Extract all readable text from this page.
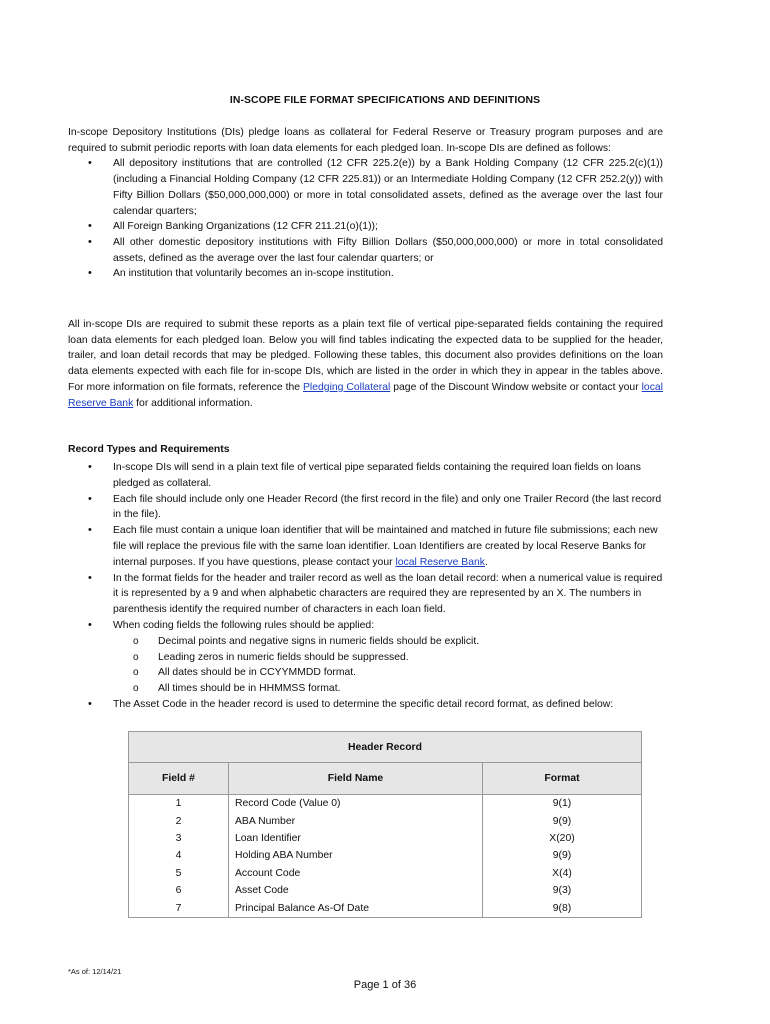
IN-SCOPE FILE FORMAT SPECIFICATIONS AND DEFINITIONS
In-scope Depository Institutions (DIs) pledge loans as collateral for Federal Reserve or Treasury program purposes and are required to submit periodic reports with loan data elements for each pledged loan. In-scope DIs are defined as follows:
• All depository institutions that are controlled (12 CFR 225.2(e)) by a Bank Holding Company (12 CFR 225.2(c)(1)) (including a Financial Holding Company (12 CFR 225.81)) or an Intermediate Holding Company (12 CFR 252.2(y)) with Fifty Billion Dollars ($50,000,000,000) or more in total consolidated assets, defined as the average over the last four calendar quarters;
• All Foreign Banking Organizations (12 CFR 211.21(o)(1));
• All other domestic depository institutions with Fifty Billion Dollars ($50,000,000,000) or more in total consolidated assets, defined as the average over the last four calendar quarters; or
• An institution that voluntarily becomes an in-scope institution.
All in-scope DIs are required to submit these reports as a plain text file of vertical pipe-separated fields containing the required loan data elements for each pledged loan. Below you will find tables indicating the expected data to be supplied for the header, trailer, and loan detail records that may be pledged. Following these tables, this document also provides definitions on the loan data elements expected with each file for in-scope DIs, which are listed in the order in which they in appear in the tables above. For more information on file formats, reference the Pledging Collateral page of the Discount Window website or contact your local Reserve Bank for additional information.
Record Types and Requirements
• In-scope DIs will send in a plain text file of vertical pipe separated fields containing the required loan fields on loans pledged as collateral.
• Each file should include only one Header Record (the first record in the file) and only one Trailer Record (the last record in the file).
• Each file must contain a unique loan identifier that will be maintained and matched in future file submissions; each new file will replace the previous file with the same loan identifier. Loan Identifiers are created by local Reserve Banks for internal purposes. If you have questions, please contact your local Reserve Bank.
• In the format fields for the header and trailer record as well as the loan detail record: when a numerical value is required it is represented by a 9 and when alphabetic characters are required they are represented by an X. The numbers in parenthesis identify the required number of characters in each loan field.
• When coding fields the following rules should be applied:
o Decimal points and negative signs in numeric fields should be explicit.
o Leading zeros in numeric fields should be suppressed.
o All dates should be in CCYYMMDD format.
o All times should be in HHMMSS format.
• The Asset Code in the header record is used to determine the specific detail record format, as defined below:
Header Record		
Field #	Field Name	Format
1	Record Code (Value 0)	9(1)
2	ABA Number	9(9)
3	Loan Identifier	X(20)
4	Holding ABA Number	9(9)
5	Account Code	X(4)
6	Asset Code	9(3)
7	Principal Balance As-Of Date	9(8)
*As of: 12/14/21
Page 1 of 36
